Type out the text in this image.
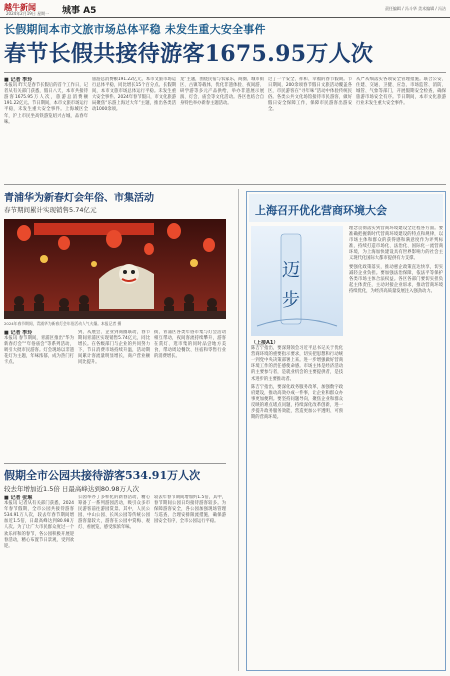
越牛新闻
2024年2月19日 星期一 城事 A5	责任编辑 / 冯斗华 美术编辑 / 冯洁
长假期间本市文旅市场总体平稳 未发生重大安全事件
春节长假共接待游客1675.95万人次
■ 记者 季玲
本报讯 昨天是春节长假后的首个工作日，记者从有关部门获悉，假日八天，本市共接待游客1675.95万人次，旅游总消费额191.22亿元。节日期间，本市文旅市场运行平稳，未发生重大安全事件。上海城区全年，沪上市民坐高铁游览绍兴古城，品春年味。
旅游总消费额191.22亿元，本市文旅市场运行总体平稳，同比增长15个百分点。长假期间，本市文旅市场总体运行平稳。未发生重大安全事件。2024年春节假日，市文化旅游局聚焦“乐游上海过大年”主题，推出各类活动1000余项。
龙”主题，围绕民宿与农家乐，商圈、城市街区、古镇等载体，优化非遗体验、夜间游、研学游等多元产品供给，举办非遗展示展演、灯会、庙会等文化活动。各区也结合自身特色举办新春主题活动。
过了一个安全、祥和、幸福的春节假期。节日期间，200余项春节假日文旅活动覆盖各区，市民游客在“寻年味”活动中体验传统民俗。各类公共文化场馆接待市民游客，做好假日安全保障工作，保障市民游客出游安全。
从严从细落实各项安全管理措施。联合公安、住建、交通、卫健、应急、市场监管、消防、城管、气象等部门，开展假期安全检查，确保旅游市场安全有序。节日期间，本市文化旅游行业未发生重大安全事件。
青浦华为新春灯会年俗、市集活动
春节期间累计实现销售5.74亿元
2024年春节期间，青浦华为新春灯会年俗活动人气火爆。本报记者 摄
■ 记者 季玲
本报讯 春节期间，青浦区推出“华为新春灯会”“年俗庙会”等系列活动，吸引大批市民游客。灯会现场以非遗花灯为主题，年味浓郁，成为热门打卡点。
到，从展会、企业到商圈联动，春节期间青浦区实现销售5.74亿元，同比增长。在各级部门与企业的共同努力下，节日消费市场持续升温，活动期间累计客流量明显增长，商户营业额同比提升。
街，青浦区各类年俗市集与灯会活动相互带动，夜间客流持续攀升，游客在赏灯、逛市集的同时品尝地方美食，带动周边餐饮、住宿和零售行业的消费增长。
假期全市公园共接待游客534.91万人次
较去年增加近1.5倍 日最高峰达到80.98万人次
■ 记者 张琳
本报讯 记者从有关部门获悉，2024年春节假期，全市公园共接待游客534.91万人次，较去年春节期间增加近1.5倍，日最高峰达到80.98万人次。为了让广大市民群众度过一个欢乐祥和的春节，各公园积极开展迎春活动，精心布置节日景观，受到欢迎。
公园举办了多样化的新春活动，精心筹备了一系列游园活动，吸引众多市民游客前往游园赏景。其中，人民公园、中山公园、长风公园等传统公园游客量较大，游客在公园中赏梅、观灯、看展览，感受浓浓年味。
较去年春节期间增加约1.5倍，其中，春节期间公园日均接待游客较多。为保障游客安全，各公园加强现场管理与巡查，合理安排限流措施，确保游园安全有序，全市公园运行平稳。
上海召开优化营商环境大会
迈
步
（上接A1）
陈吉宁指出，要深刻领会习近平总书记关于优化营商环境的重要指示要求，切实把思想和行动统一到党中央决策部署上来。进一步增强做好营商环境工作的责任感使命感。市场主体是经济活动的主要参与者，是就业机会的主要提供者，是技术进步的主要推动者。
陈吉宁指出，要深化政务服务改革，加强数字政府建设，推动高效办成一件事，让企业和群众办事更加便利。要坚持问题导向，聚焦企业和群众反映的难点堵点问题，持续深化改革创新，进一步提升政务服务效能，营造更加公平透明、可预期的营商环境。
理念贯彻落实到营商环境建设全过程各方面。要准确把握新时代营商环境建设的特点和规律，以市场主体和群众的获得感和满意度作为评判标准，持续打造市场化、法治化、国际化一流营商环境，为上海加快建设具有世界影响力的社会主义现代化国际大都市提供有力支撑。
要强化政策落实，推动惠企政策直达快享，切实减轻企业负担。要加强法治保障，依法平等保护各类市场主体合法权益。各区各部门要切实担负起主体责任，主动对接企业诉求，推动营商环境持续优化，为经济高质量发展注入强劲动力。
